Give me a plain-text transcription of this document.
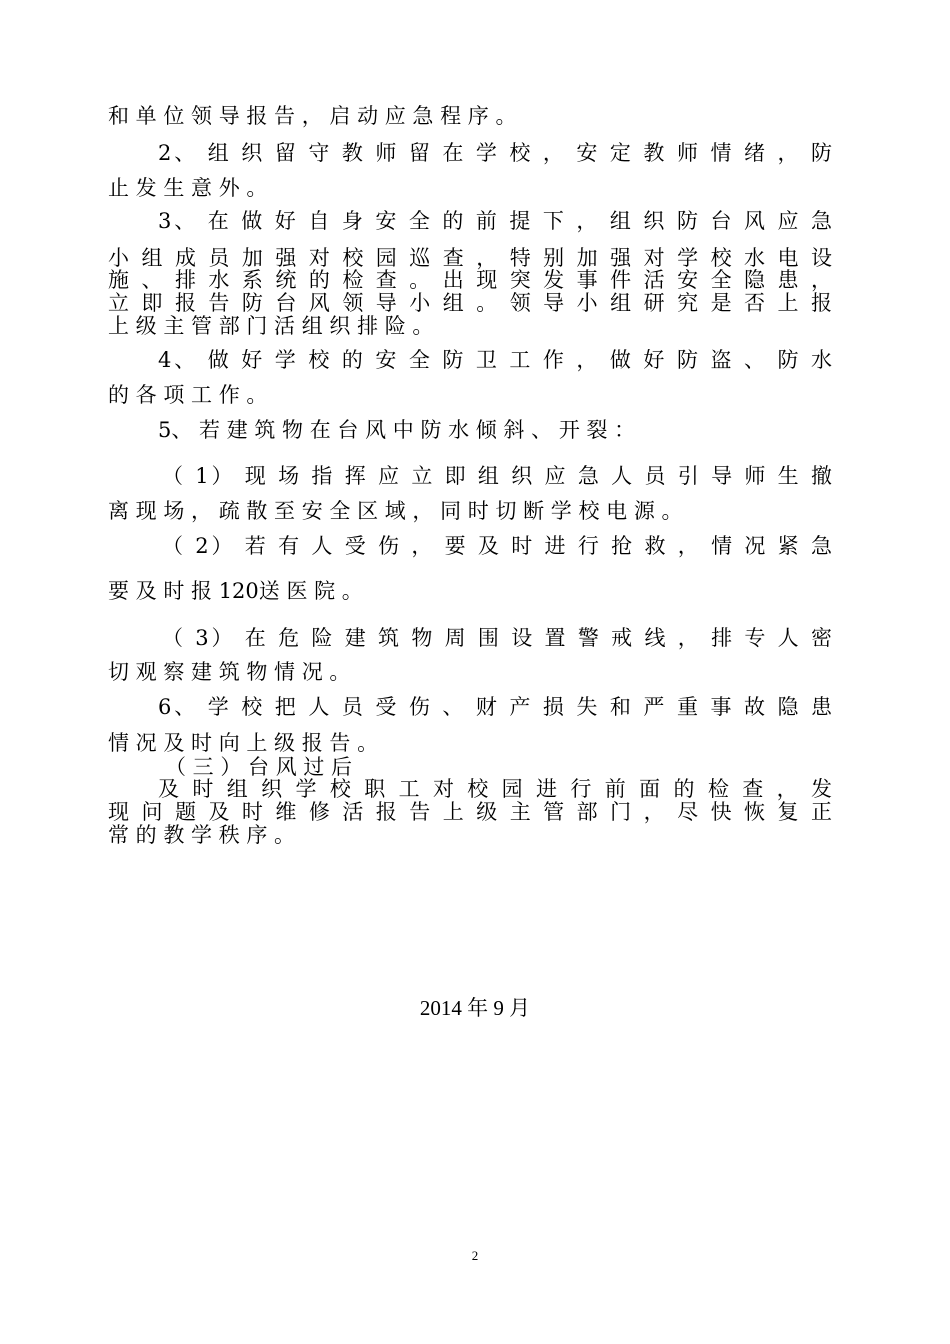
和 单 位 领 导 报 告 ， 启 动 应 急 程 序 。
2、 组 织 留 守 教 师 留 在 学 校 ， 安 定 教 师 情 绪 ， 防
止 发 生 意 外 。
3、 在 做 好 自 身 安 全 的 前 提 下 ， 组 织 防 台 风 应 急
小 组 成 员 加 强 对 校 园 巡 查 ， 特 别 加 强 对 学 校 水 电 设
施 、 排 水 系 统 的 检 查 。 出 现 突 发 事 件 活 安 全 隐 患 ，
立 即 报 告 防 台 风 领 导 小 组 。 领 导 小 组 研 究 是 否 上 报
上 级 主 管 部 门 活 组 织 排 险 。
4、 做 好 学 校 的 安 全 防 卫 工 作 ， 做 好 防 盗 、 防 水
的 各 项 工 作 。
5、 若 建 筑 物 在 台 风 中 防 水 倾 斜 、 开 裂 ：
（ 1） 现 场 指 挥 应 立 即 组 织 应 急 人 员 引 导 师 生 撤
离 现 场 ， 疏 散 至 安 全 区 域 ， 同 时 切 断 学 校 电 源 。
（ 2） 若 有 人 受 伤 ， 要 及 时 进 行 抢 救 ， 情 况 紧 急
要 及 时 报 120送 医 院 。
（ 3） 在 危 险 建 筑 物 周 围 设 置 警 戒 线 ， 排 专 人 密
切 观 察 建 筑 物 情 况 。
6、 学 校 把 人 员 受 伤 、 财 产 损 失 和 严 重 事 故 隐 患
情 况 及 时 向 上 级 报 告 。
（ 三 ） 台 风 过 后
及 时 组 织 学 校 职 工 对 校 园 进 行 前 面 的 检 查 ， 发
现 问 题 及 时 维 修 活 报 告 上 级 主 管 部 门 ， 尽 快 恢 复 正
常 的 教 学 秩 序 。
2014 年 9 月
2
